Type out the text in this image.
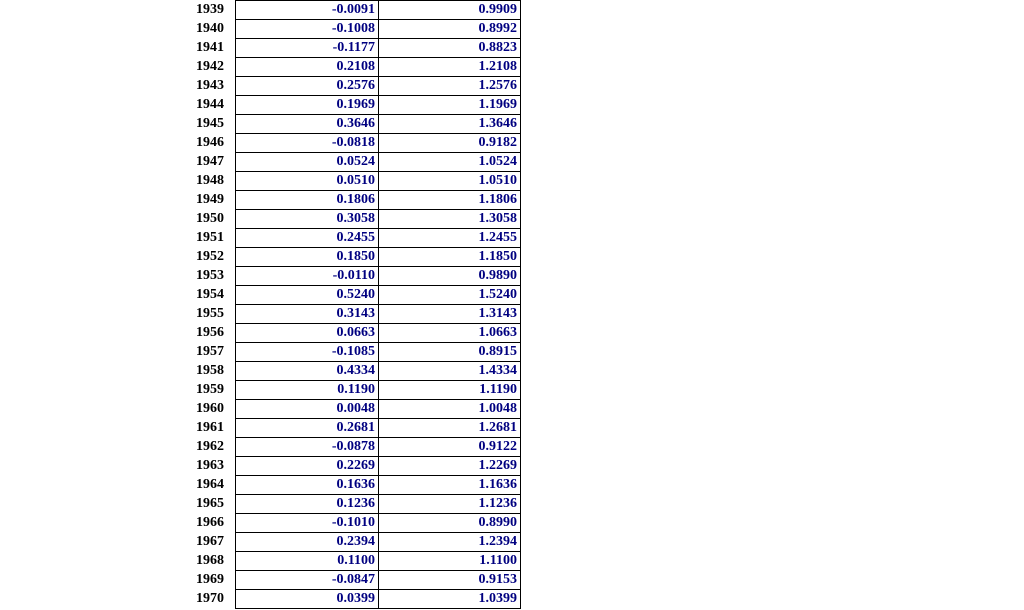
1939	-0.0091	0.9909
1940	-0.1008	0.8992
1941	-0.1177	0.8823
1942	0.2108	1.2108
1943	0.2576	1.2576
1944	0.1969	1.1969
1945	0.3646	1.3646
1946	-0.0818	0.9182
1947	0.0524	1.0524
1948	0.0510	1.0510
1949	0.1806	1.1806
1950	0.3058	1.3058
1951	0.2455	1.2455
1952	0.1850	1.1850
1953	-0.0110	0.9890
1954	0.5240	1.5240
1955	0.3143	1.3143
1956	0.0663	1.0663
1957	-0.1085	0.8915
1958	0.4334	1.4334
1959	0.1190	1.1190
1960	0.0048	1.0048
1961	0.2681	1.2681
1962	-0.0878	0.9122
1963	0.2269	1.2269
1964	0.1636	1.1636
1965	0.1236	1.1236
1966	-0.1010	0.8990
1967	0.2394	1.2394
1968	0.1100	1.1100
1969	-0.0847	0.9153
1970	0.0399	1.0399
